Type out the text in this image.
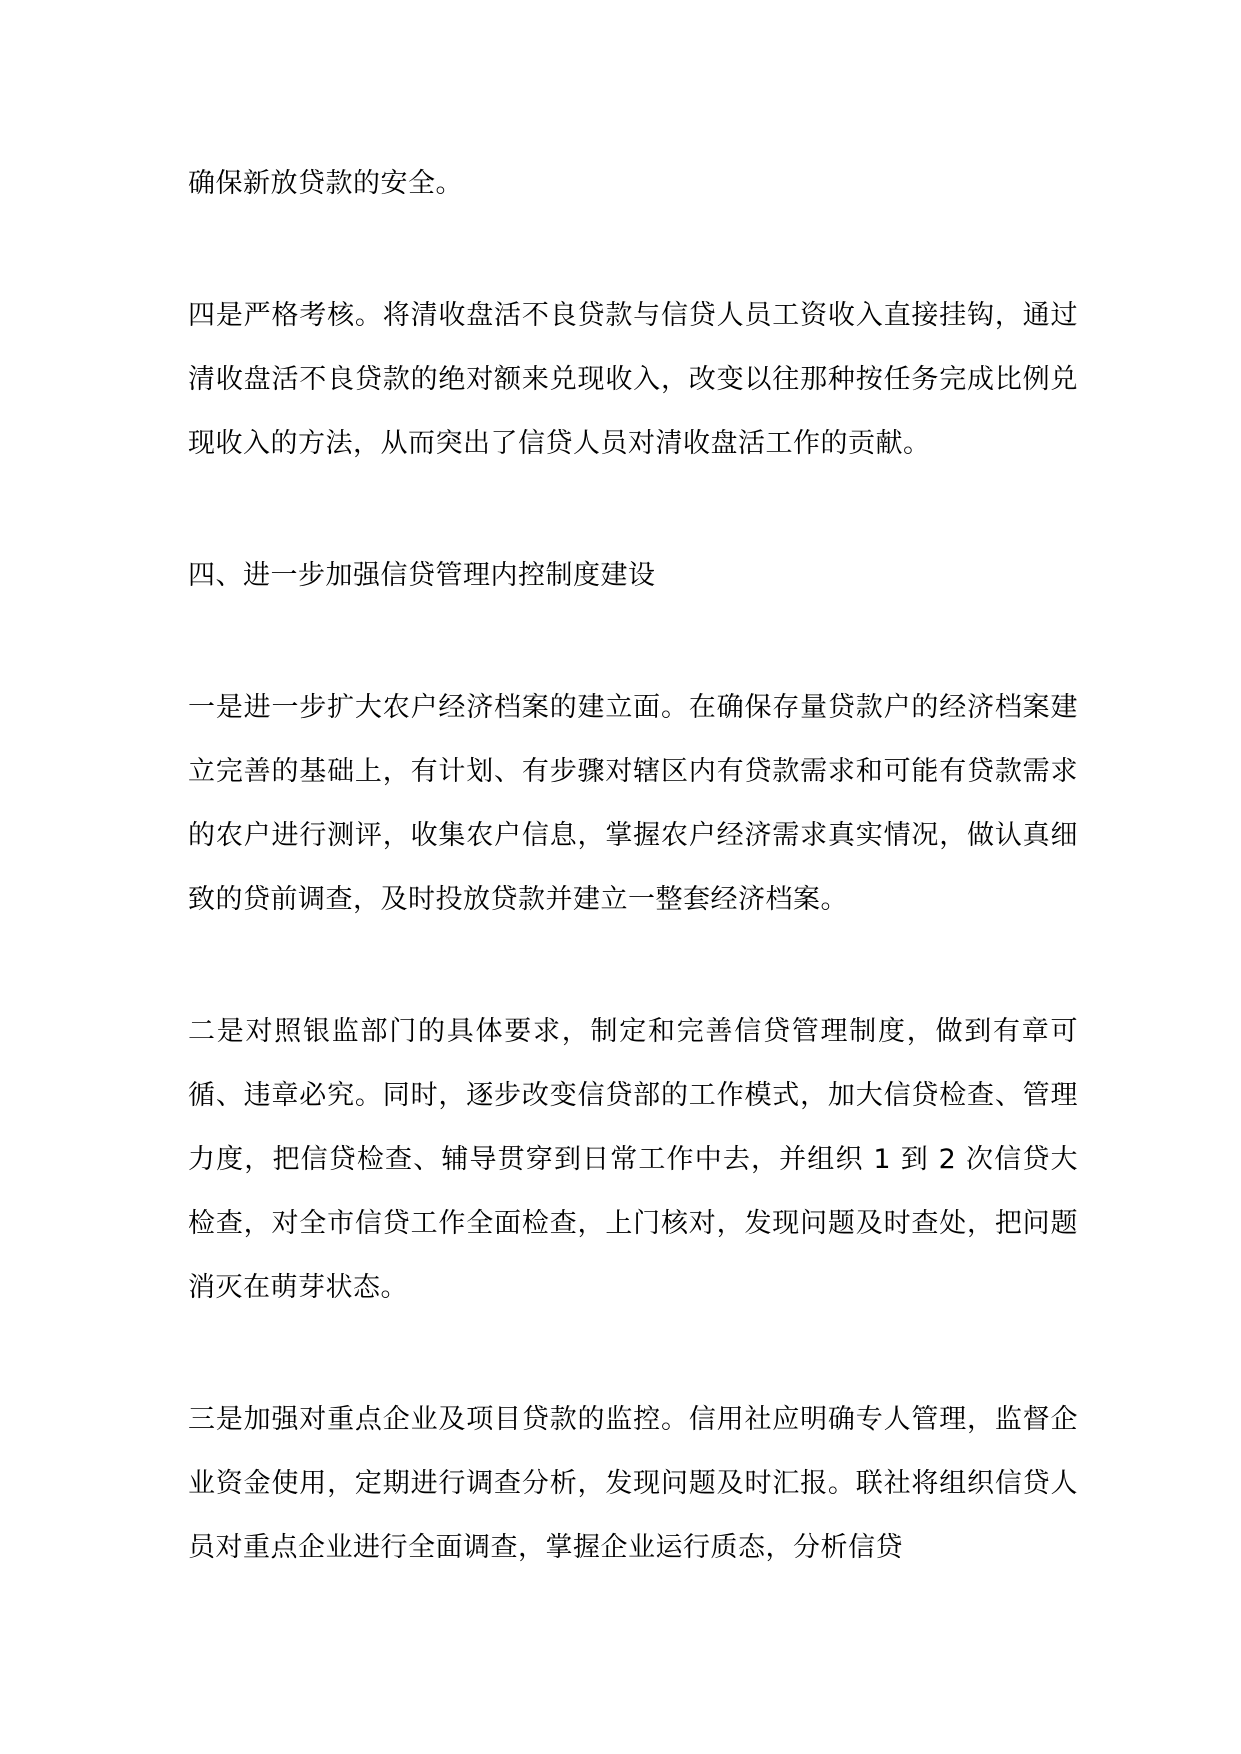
确保新放贷款的安全。

四是严格考核。将清收盘活不良贷款与信贷人员工资收入直接挂钩，通过清收盘活不良贷款的绝对额来兑现收入，改变以往那种按任务完成比例兑现收入的方法，从而突出了信贷人员对清收盘活工作的贡献。

四、进一步加强信贷管理内控制度建设

一是进一步扩大农户经济档案的建立面。在确保存量贷款户的经济档案建立完善的基础上，有计划、有步骤对辖区内有贷款需求和可能有贷款需求的农户进行测评，收集农户信息，掌握农户经济需求真实情况，做认真细致的贷前调查，及时投放贷款并建立一整套经济档案。

二是对照银监部门的具体要求，制定和完善信贷管理制度，做到有章可循、违章必究。同时，逐步改变信贷部的工作模式，加大信贷检查、管理力度，把信贷检查、辅导贯穿到日常工作中去，并组织 1 到 2 次信贷大检查，对全市信贷工作全面检查，上门核对，发现问题及时查处，把问题消灭在萌芽状态。

三是加强对重点企业及项目贷款的监控。信用社应明确专人管理，监督企业资金使用，定期进行调查分析，发现问题及时汇报。联社将组织信贷人员对重点企业进行全面调查，掌握企业运行质态，分析信贷
